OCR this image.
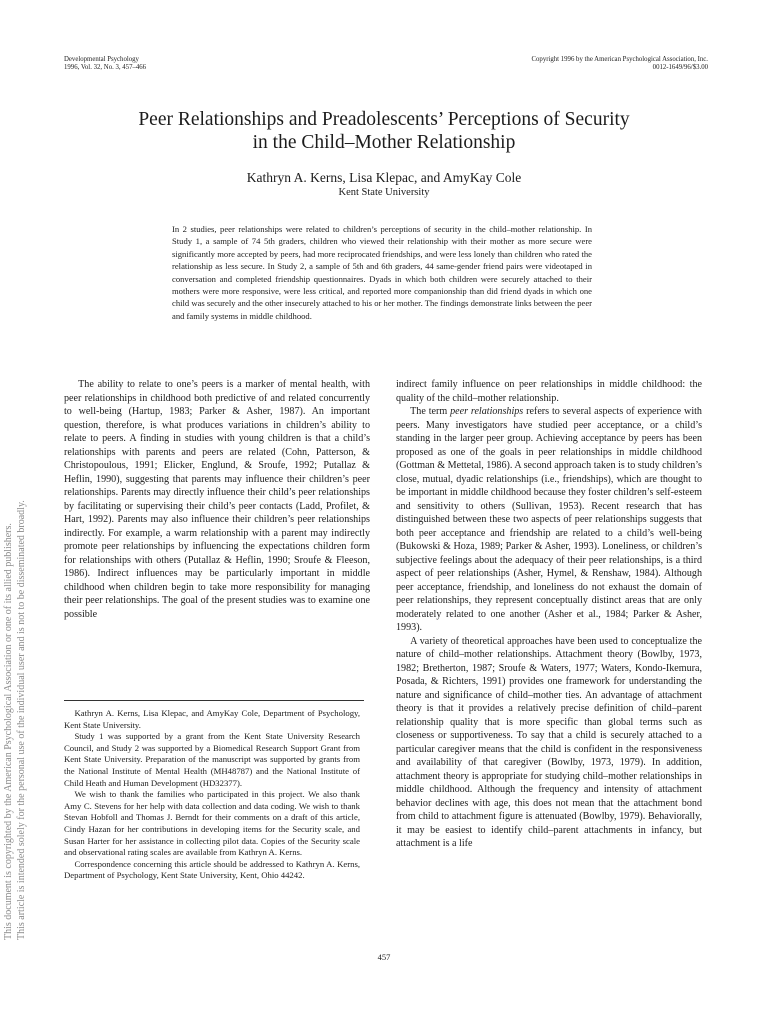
Developmental Psychology
1996, Vol. 32, No. 3, 457–466
Copyright 1996 by the American Psychological Association, Inc.
0012-1649/96/$3.00
This document is copyrighted by the American Psychological Association or one of its allied publishers. This article is intended solely for the personal use of the individual user and is not to be disseminated broadly.
Peer Relationships and Preadolescents’ Perceptions of Security
in the Child–Mother Relationship
Kathryn A. Kerns, Lisa Klepac, and AmyKay Cole
Kent State University

In 2 studies, peer relationships were related to children’s perceptions of security in the child–mother relationship. In Study 1, a sample of 74 5th graders, children who viewed their relationship with their mother as more secure were significantly more accepted by peers, had more reciprocated friendships, and were less lonely than children who rated the relationship as less secure. In Study 2, a sample of 5th and 6th graders, 44 same-gender friend pairs were videotaped in conversation and completed friendship questionnaires. Dyads in which both children were securely attached to their mothers were more responsive, were less critical, and reported more companionship than did friend dyads in which one child was securely and the other insecurely attached to his or her mother. The findings demonstrate links between the peer and family systems in middle childhood.

The ability to relate to one’s peers is a marker of mental health, with peer relationships in childhood both predictive of and related concurrently to well-being (Hartup, 1983; Parker & Asher, 1987). An important question, therefore, is what produces variations in children’s ability to relate to peers. A finding in studies with young children is that a child’s relationships with parents and peers are related (Cohn, Patterson, & Christopoulous, 1991; Elicker, Englund, & Sroufe, 1992; Putallaz & Heflin, 1990), suggesting that parents may influence their children’s peer relationships. Parents may directly influence their child’s peer relationships by facilitating or supervising their child’s peer contacts (Ladd, Profilet, & Hart, 1992). Parents may also influence their children’s peer relationships indirectly. For example, a warm relationship with a parent may indirectly promote peer relationships by influencing the expectations children form for relationships with others (Putallaz & Heflin, 1990; Sroufe & Fleeson, 1986). Indirect influences may be particularly important in middle childhood when children begin to take more responsibility for managing their peer relationships. The goal of the present studies was to examine one possible

indirect family influence on peer relationships in middle childhood: the quality of the child–mother relationship.

The term peer relationships refers to several aspects of experience with peers. Many investigators have studied peer acceptance, or a child’s standing in the larger peer group. Achieving acceptance by peers has been proposed as one of the goals in peer relationships in middle childhood (Gottman & Mettetal, 1986). A second approach taken is to study children’s close, mutual, dyadic relationships (i.e., friendships), which are thought to be important in middle childhood because they foster children’s self-esteem and sensitivity to others (Sullivan, 1953). Recent research that has distinguished between these two aspects of peer relationships suggests that both peer acceptance and friendship are related to a child’s well-being (Bukowski & Hoza, 1989; Parker & Asher, 1993). Loneliness, or children’s subjective feelings about the adequacy of their peer relationships, is a third aspect of peer relationships (Asher, Hymel, & Renshaw, 1984). Although peer acceptance, friendship, and loneliness do not exhaust the domain of peer relationships, they represent conceptually distinct areas that are only moderately related to one another (Asher et al., 1984; Parker & Asher, 1993).

A variety of theoretical approaches have been used to conceptualize the nature of child–mother relationships. Attachment theory (Bowlby, 1973, 1982; Bretherton, 1987; Sroufe & Waters, 1977; Waters, Kondo-Ikemura, Posada, & Richters, 1991) provides one framework for understanding the nature and significance of child–mother ties. An advantage of attachment theory is that it provides a relatively precise definition of child–parent relationship quality that is more specific than global terms such as closeness or supportiveness. To say that a child is securely attached to a particular caregiver means that the child is confident in the responsiveness and availability of that caregiver (Bowlby, 1973, 1979). In addition, attachment theory is appropriate for studying child–mother relationships in middle childhood. Although the frequency and intensity of attachment behavior declines with age, this does not mean that the attachment bond from child to attachment figure is attenuated (Bowlby, 1979). Behaviorally, it may be easiest to identify child–parent attachments in infancy, but attachment is a life

Kathryn A. Kerns, Lisa Klepac, and AmyKay Cole, Department of Psychology, Kent State University.

Study 1 was supported by a grant from the Kent State University Research Council, and Study 2 was supported by a Biomedical Research Support Grant from Kent State University. Preparation of the manuscript was supported by grants from the National Institute of Mental Health (MH48787) and the National Institute of Child Heath and Human Development (HD32377).

We wish to thank the families who participated in this project. We also thank Amy C. Stevens for her help with data collection and data coding. We wish to thank Stevan Hobfoll and Thomas J. Berndt for their comments on a draft of this article, Cindy Hazan for her contributions in developing items for the Security scale, and Susan Harter for her assistance in collecting pilot data. Copies of the Security scale and observational rating scales are available from Kathryn A. Kerns.

Correspondence concerning this article should be addressed to Kathryn A. Kerns, Department of Psychology, Kent State University, Kent, Ohio 44242.

457
